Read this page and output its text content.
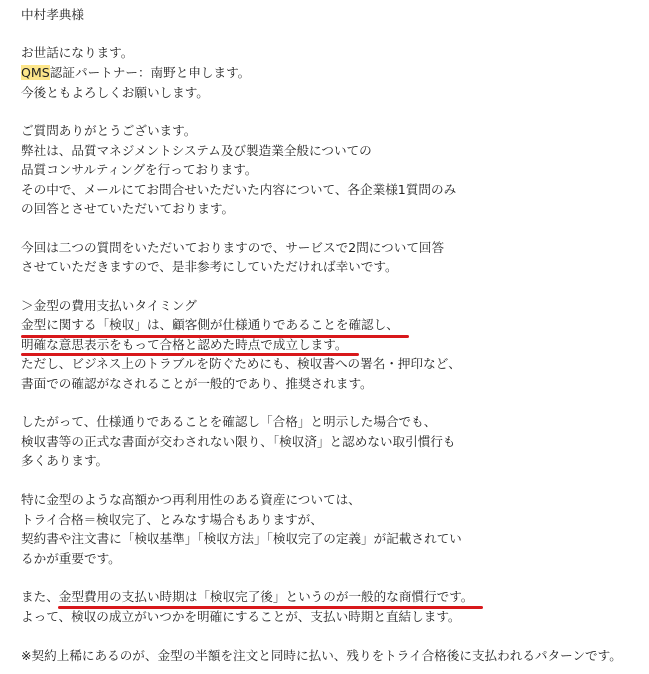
中村孝典様
お世話になります。
QMS認証パートナー：南野と申します。
今後ともよろしくお願いします。
ご質問ありがとうございます。
弊社は、品質マネジメントシステム及び製造業全般についての
品質コンサルティングを行っております。
その中で、メールにてお問合せいただいた内容について、各企業様1質問のみ
の回答とさせていただいております。
今回は二つの質問をいただいておりますので、サービスで2問について回答
させていただきますので、是非参考にしていただければ幸いです。
＞金型の費用支払いタイミング
金型に関する「検収」は、顧客側が仕様通りであることを確認し、
明確な意思表示をもって合格と認めた時点で成立します。
ただし、ビジネス上のトラブルを防ぐためにも、検収書への署名・押印など、
書面での確認がなされることが一般的であり、推奨されます。
したがって、仕様通りであることを確認し「合格」と明示した場合でも、
検収書等の正式な書面が交わされない限り、「検収済」と認めない取引慣行も
多くあります。
特に金型のような高額かつ再利用性のある資産については、
トライ合格＝検収完了、とみなす場合もありますが、
契約書や注文書に「検収基準」「検収方法」「検収完了の定義」が記載されてい
るかが重要です。
また、金型費用の支払い時期は「検収完了後」というのが一般的な商慣行です。
よって、検収の成立がいつかを明確にすることが、支払い時期と直結します。
※契約上稀にあるのが、金型の半額を注文と同時に払い、残りをトライ合格後に支払われるパターンです。
